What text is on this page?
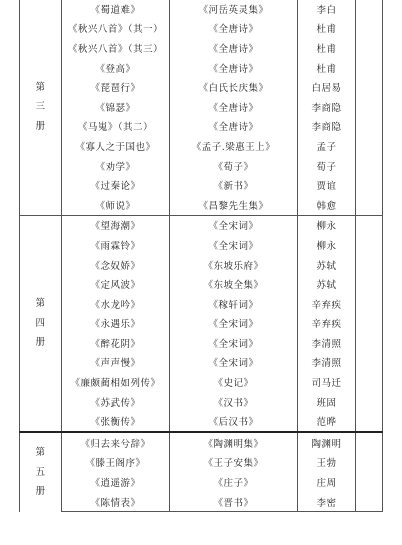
第
三
册	《蜀道难》	《河岳英灵集》	李白	
	《秋兴八首》（其一）	《全唐诗》	杜甫	
	《秋兴八首》（其三）	《全唐诗》	杜甫	
	《登高》	《全唐诗》	杜甫	
	《琵琶行》	《白氏长庆集》	白居易	
	《锦瑟》	《全唐诗》	李商隐	
	《马嵬》（其二）	《全唐诗》	李商隐	
	《寡人之于国也》	《孟子.梁惠王上》	孟子	
	《劝学》	《荀子》	荀子	
	《过秦论》	《新书》	贾谊	
	《师说》	《昌黎先生集》	韩愈	

第
四
册	《望海潮》	《全宋词》	柳永	
	《雨霖铃》	《全宋词》	柳永	
	《念奴娇》	《东坡乐府》	苏轼	
	《定风波》	《东坡全集》	苏轼	
	《水龙吟》	《稼轩词》	辛弃疾	
	《永遇乐》	《全宋词》	辛弃疾	
	《醉花阴》	《全宋词》	李清照	
	《声声慢》	《全宋词》	李清照	
	《廉颇蔺相如列传》	《史记》	司马迁	
	《苏武传》	《汉书》	班固	
	《张衡传》	《后汉书》	范晔	

第
五
册	《归去来兮辞》	《陶渊明集》	陶渊明	
	《滕王阁序》	《王子安集》	王勃	
	《逍遥游》	《庄子》	庄周	
	《陈情表》	《晋书》	李密	
